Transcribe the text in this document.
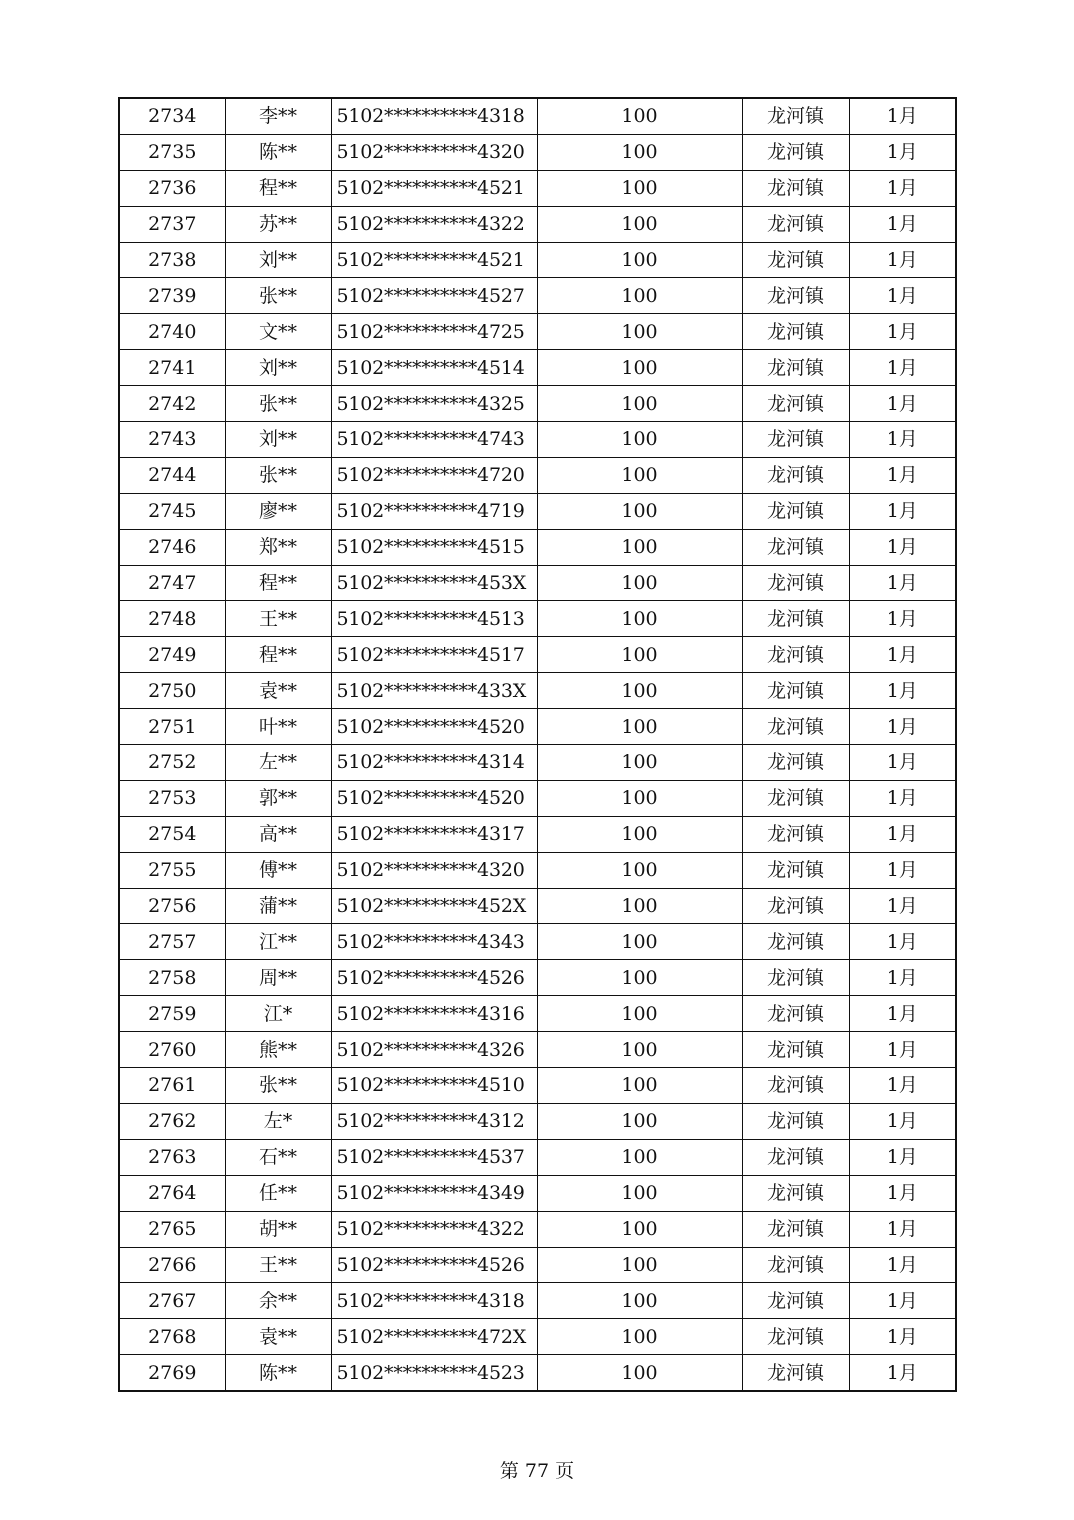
2734	李**	5102**********4318	100	龙河镇	1月
2735	陈**	5102**********4320	100	龙河镇	1月
2736	程**	5102**********4521	100	龙河镇	1月
2737	苏**	5102**********4322	100	龙河镇	1月
2738	刘**	5102**********4521	100	龙河镇	1月
2739	张**	5102**********4527	100	龙河镇	1月
2740	文**	5102**********4725	100	龙河镇	1月
2741	刘**	5102**********4514	100	龙河镇	1月
2742	张**	5102**********4325	100	龙河镇	1月
2743	刘**	5102**********4743	100	龙河镇	1月
2744	张**	5102**********4720	100	龙河镇	1月
2745	廖**	5102**********4719	100	龙河镇	1月
2746	郑**	5102**********4515	100	龙河镇	1月
2747	程**	5102**********453X	100	龙河镇	1月
2748	王**	5102**********4513	100	龙河镇	1月
2749	程**	5102**********4517	100	龙河镇	1月
2750	袁**	5102**********433X	100	龙河镇	1月
2751	叶**	5102**********4520	100	龙河镇	1月
2752	左**	5102**********4314	100	龙河镇	1月
2753	郭**	5102**********4520	100	龙河镇	1月
2754	高**	5102**********4317	100	龙河镇	1月
2755	傅**	5102**********4320	100	龙河镇	1月
2756	蒲**	5102**********452X	100	龙河镇	1月
2757	江**	5102**********4343	100	龙河镇	1月
2758	周**	5102**********4526	100	龙河镇	1月
2759	江*	5102**********4316	100	龙河镇	1月
2760	熊**	5102**********4326	100	龙河镇	1月
2761	张**	5102**********4510	100	龙河镇	1月
2762	左*	5102**********4312	100	龙河镇	1月
2763	石**	5102**********4537	100	龙河镇	1月
2764	任**	5102**********4349	100	龙河镇	1月
2765	胡**	5102**********4322	100	龙河镇	1月
2766	王**	5102**********4526	100	龙河镇	1月
2767	余**	5102**********4318	100	龙河镇	1月
2768	袁**	5102**********472X	100	龙河镇	1月
2769	陈**	5102**********4523	100	龙河镇	1月
第 77 页
